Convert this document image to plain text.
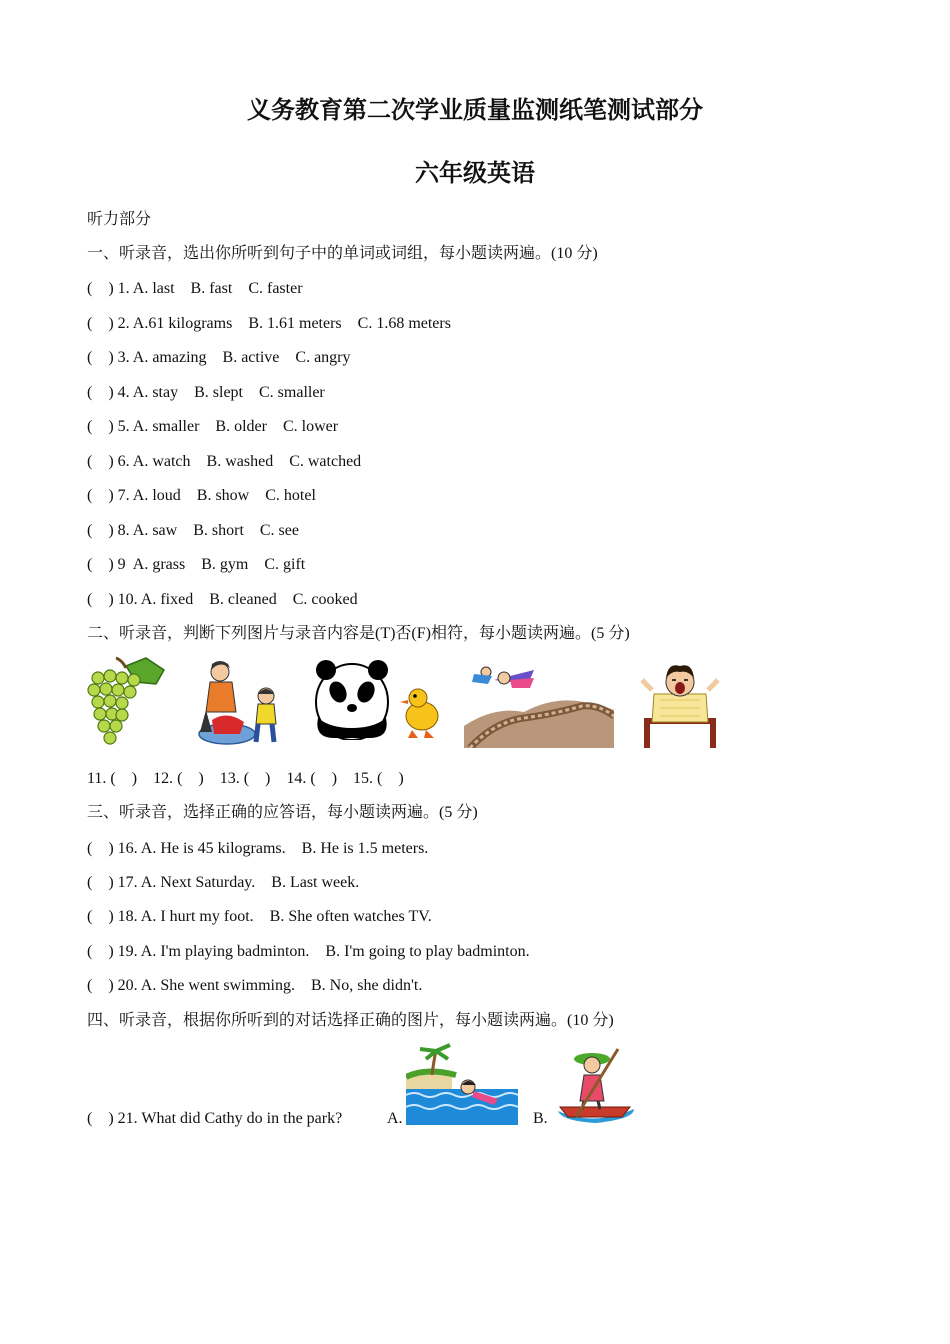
义务教育第二次学业质量监测纸笔测试部分
六年级英语
听力部分
一、听录音，选出你所听到句子中的单词或词组，每小题读两遍。(10 分)
(    ) 1. A. last    B. fast    C. faster
(    ) 2. A.61 kilograms    B. 1.61 meters    C. 1.68 meters
(    ) 3. A. amazing    B. active    C. angry
(    ) 4. A. stay    B. slept    C. smaller
(    ) 5. A. smaller    B. older    C. lower
(    ) 6. A. watch    B. washed    C. watched
(    ) 7. A. loud    B. show    C. hotel
(    ) 8. A. saw    B. short    C. see
(    ) 9  A. grass    B. gym    C. gift
(    ) 10. A. fixed    B. cleaned    C. cooked
二、听录音，判断下列图片与录音内容是(T)否(F)相符，每小题读两遍。(5 分)
11. (    )    12. (    )    13. (    )    14. (    )    15. (    )
三、听录音，选择正确的应答语，每小题读两遍。(5 分)
(    ) 16. A. He is 45 kilograms.    B. He is 1.5 meters.
(    ) 17. A. Next Saturday.    B. Last week.
(    ) 18. A. I hurt my foot.    B. She often watches TV.
(    ) 19. A. I'm playing badminton.    B. I'm going to play badminton.
(    ) 20. A. She went swimming.    B. No, she didn't.
四、听录音，根据你所听到的对话选择正确的图片，每小题读两遍。(10 分)
(    ) 21. What did Cathy do in the park?	A.	B.
